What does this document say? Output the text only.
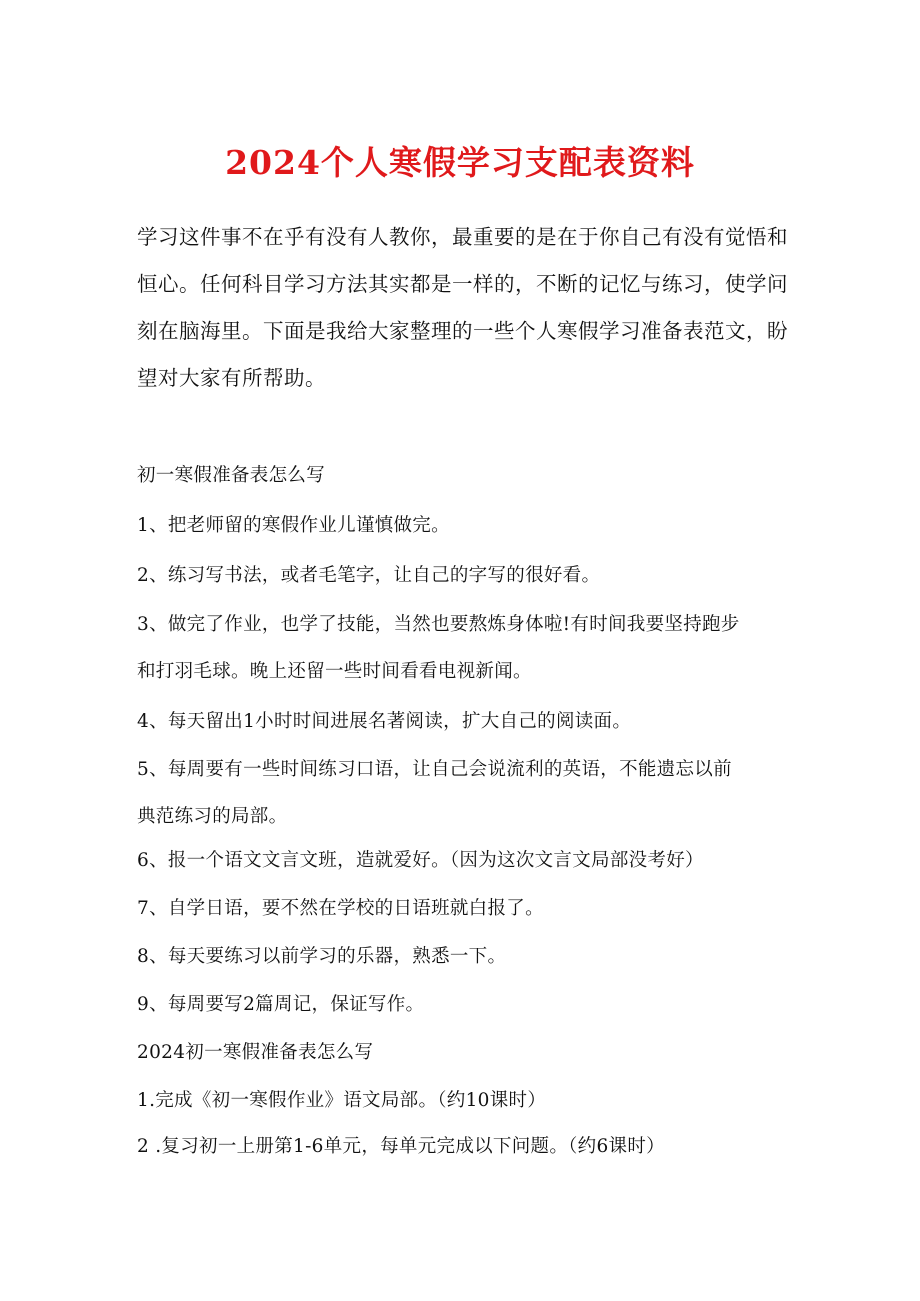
2024个人寒假学习支配表资料

学习这件事不在乎有没有人教你，最重要的是在于你自己有没有觉悟和恒心。任何科目学习方法其实都是一样的，不断的记忆与练习，使学问刻在脑海里。下面是我给大家整理的一些个人寒假学习准备表范文，盼望对大家有所帮助。

初一寒假准备表怎么写
1、把老师留的寒假作业儿谨慎做完。
2、练习写书法，或者毛笔字，让自己的字写的很好看。
3、做完了作业，也学了技能，当然也要熬炼身体啦!有时间我要坚持跑步
和打羽毛球。晚上还留一些时间看看电视新闻。
4、每天留出1小时时间进展名著阅读，扩大自己的阅读面。
5、每周要有一些时间练习口语，让自己会说流利的英语，不能遗忘以前
典范练习的局部。
6、报一个语文文言文班，造就爱好。（因为这次文言文局部没考好）
7、自学日语，要不然在学校的日语班就白报了。
8、每天要练习以前学习的乐器，熟悉一下。
9、每周要写2篇周记，保证写作。
2024初一寒假准备表怎么写
1.完成《初一寒假作业》语文局部。（约10课时）
2 .复习初一上册第1-6单元，每单元完成以下问题。（约6课时）
